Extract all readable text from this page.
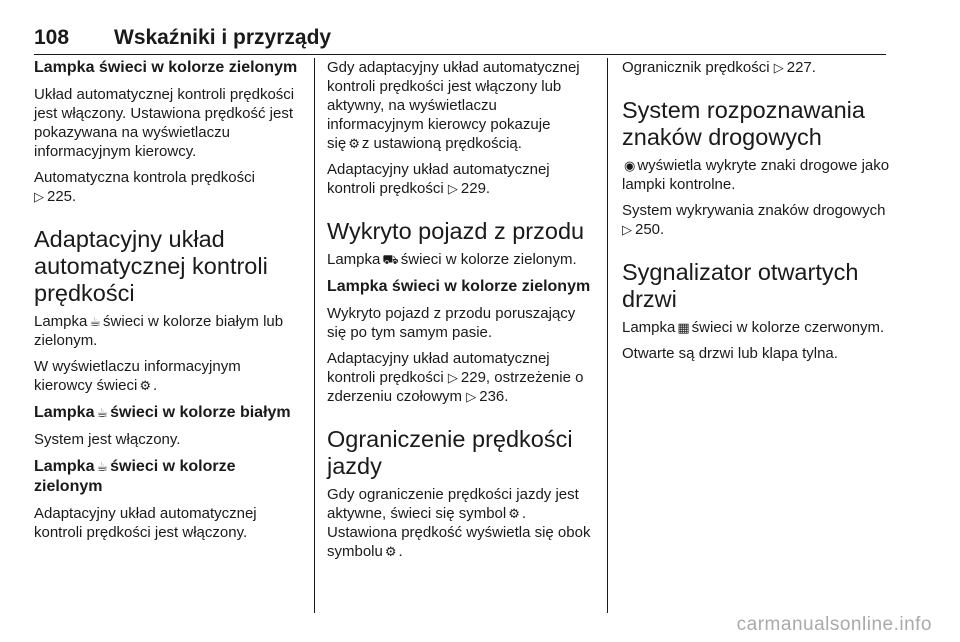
108 Wskaźniki i przyrządy
Lampka świeci w kolorze zielonym

Układ automatycznej kontroli prędkości jest włączony. Ustawiona prędkość jest pokazywana na wyświetlaczu informacyjnym kierowcy.

Automatyczna kontrola prędkości
▷ 225.

Adaptacyjny układ automatycznej kontroli prędkości

Lampka ☕ świeci w kolorze białym lub zielonym.

W wyświetlaczu informacyjnym kierowcy świeci ⚙ .

Lampka ☕ świeci w kolorze białym

System jest włączony.

Lampka ☕ świeci w kolorze zielonym

Adaptacyjny układ automatycznej kontroli prędkości jest włączony.

Gdy adaptacyjny układ automatycznej kontroli prędkości jest włączony lub aktywny, na wyświetlaczu informacyjnym kierowcy pokazuje się ⚙ z ustawioną prędkością.

Adaptacyjny układ automatycznej kontroli prędkości ▷ 229.

Wykryto pojazd z przodu

Lampka ⛟ świeci w kolorze zielonym.

Lampka świeci w kolorze zielonym

Wykryto pojazd z przodu poruszający się po tym samym pasie.

Adaptacyjny układ automatycznej kontroli prędkości ▷ 229, ostrzeżenie o zderzeniu czołowym ▷ 236.

Ograniczenie prędkości jazdy

Gdy ograniczenie prędkości jazdy jest aktywne, świeci się symbol ⚙ .
Ustawiona prędkość wyświetla się obok symbolu ⚙ .

Ogranicznik prędkości ▷ 227.

System rozpoznawania znaków drogowych

◉ wyświetla wykryte znaki drogowe jako lampki kontrolne.

System wykrywania znaków drogowych ▷ 250.

Sygnalizator otwartych drzwi

Lampka ▦ świeci w kolorze czerwonym.

Otwarte są drzwi lub klapa tylna.

carmanualsonline.info
